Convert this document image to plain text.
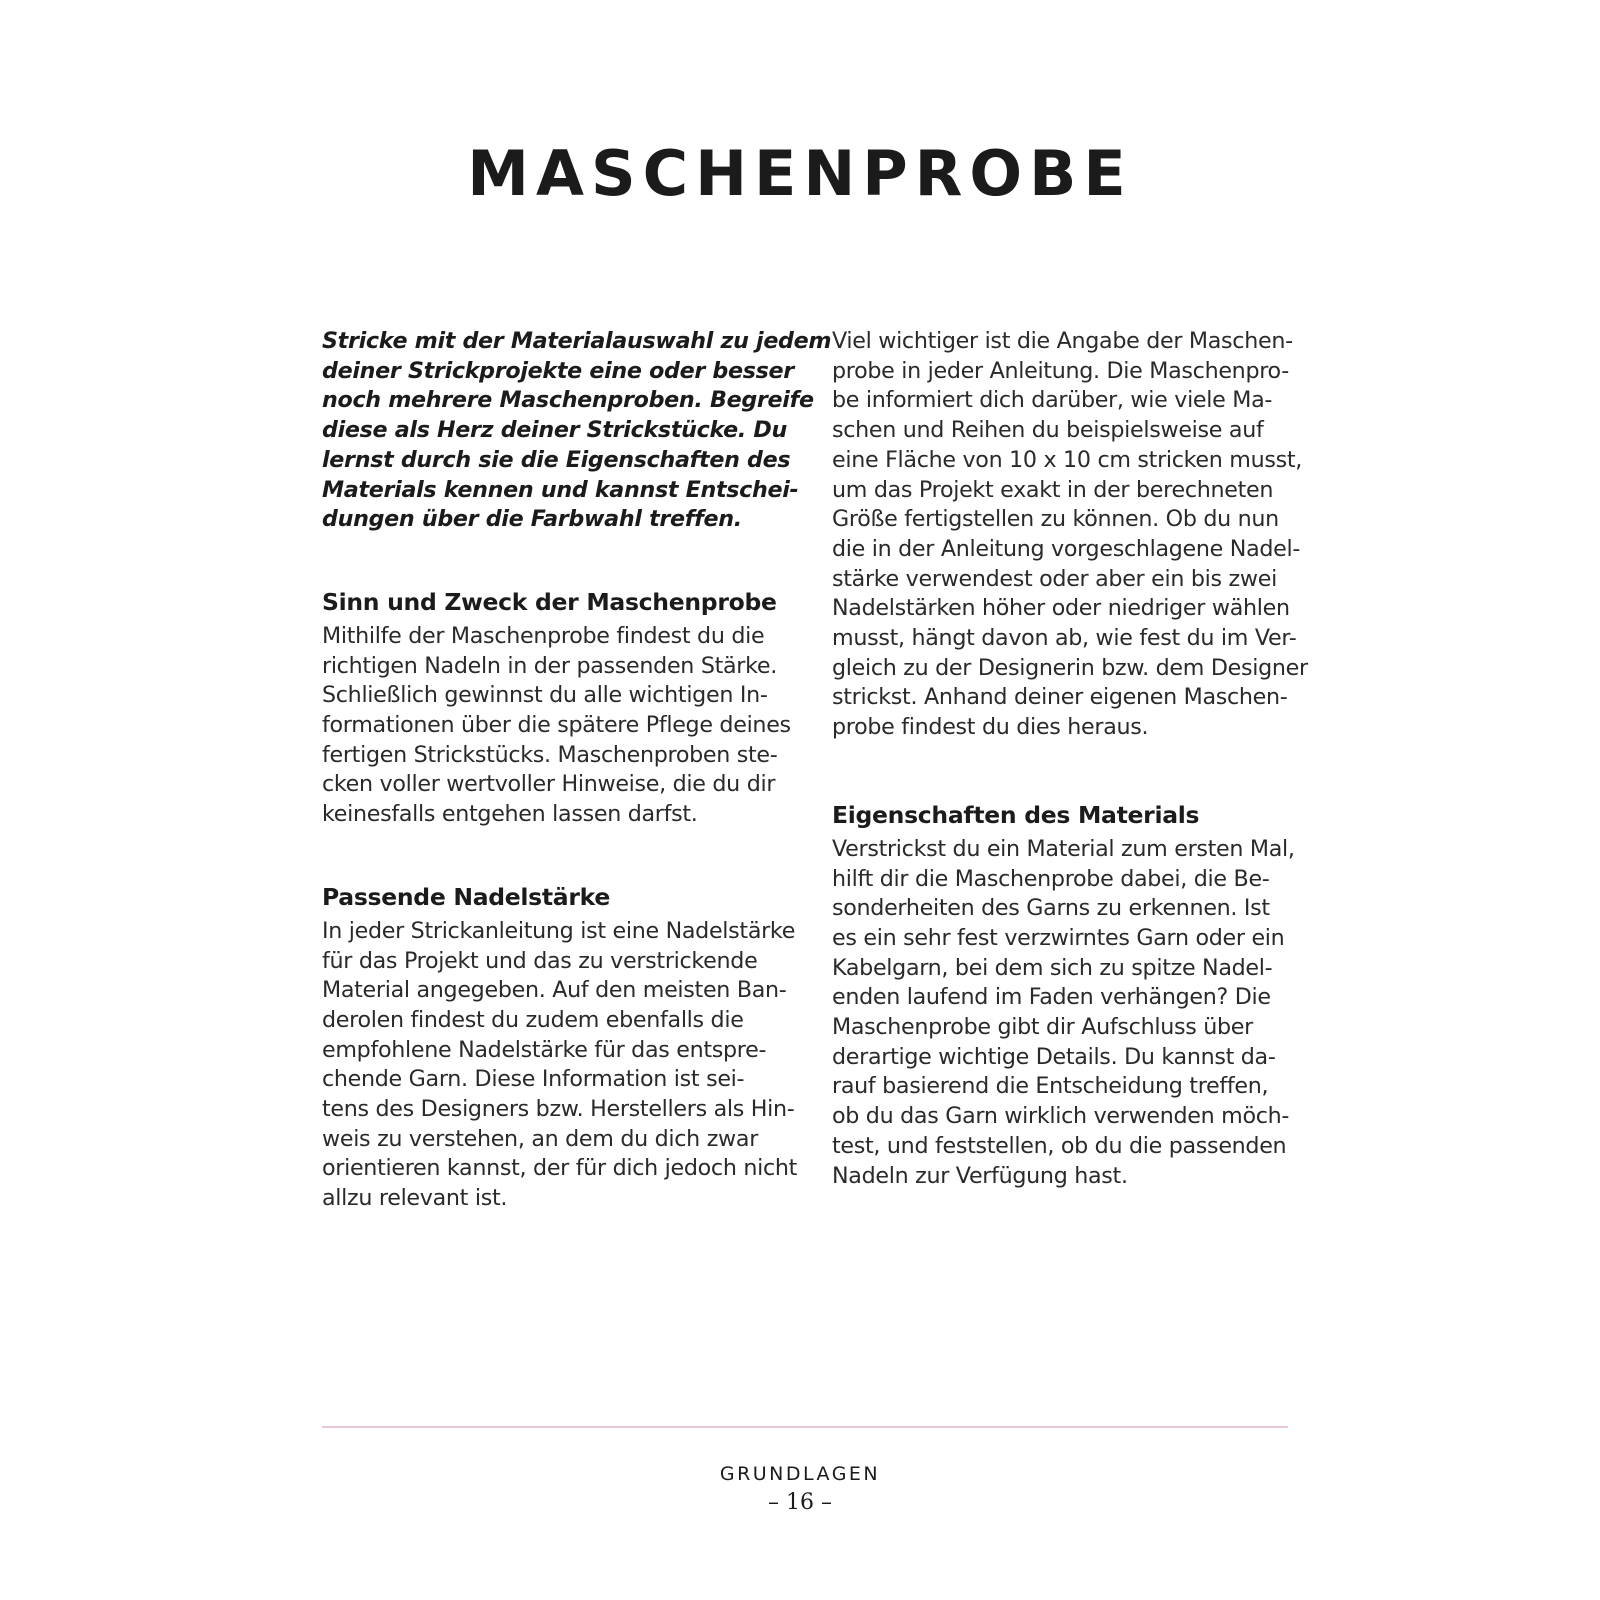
MASCHENPROBE

Stricke mit der Materialauswahl zu jedem
deiner Strickprojekte eine oder besser
noch mehrere Maschenproben. Begreife
diese als Herz deiner Strickstücke. Du
lernst durch sie die Eigenschaften des
Materials kennen und kannst Entschei-
dungen über die Farbwahl treffen.

Sinn und Zweck der Maschenprobe

Mithilfe der Maschenprobe findest du die
richtigen Nadeln in der passenden Stärke.
Schließlich gewinnst du alle wichtigen In-
formationen über die spätere Pflege deines
fertigen Strickstücks. Maschenproben ste-
cken voller wertvoller Hinweise, die du dir
keinesfalls entgehen lassen darfst.

Passende Nadelstärke

In jeder Strickanleitung ist eine Nadelstärke
für das Projekt und das zu verstrickende
Material angegeben. Auf den meisten Ban-
derolen findest du zudem ebenfalls die
empfohlene Nadelstärke für das entspre-
chende Garn. Diese Information ist sei-
tens des Designers bzw. Herstellers als Hin-
weis zu verstehen, an dem du dich zwar
orientieren kannst, der für dich jedoch nicht
allzu relevant ist.

Viel wichtiger ist die Angabe der Maschen-
probe in jeder Anleitung. Die Maschenpro-
be informiert dich darüber, wie viele Ma-
schen und Reihen du beispielsweise auf
eine Fläche von 10 x 10 cm stricken musst,
um das Projekt exakt in der berechneten
Größe fertigstellen zu können. Ob du nun
die in der Anleitung vorgeschlagene Nadel-
stärke verwendest oder aber ein bis zwei
Nadelstärken höher oder niedriger wählen
musst, hängt davon ab, wie fest du im Ver-
gleich zu der Designerin bzw. dem Designer
strickst. Anhand deiner eigenen Maschen-
probe findest du dies heraus.

Eigenschaften des Materials

Verstrickst du ein Material zum ersten Mal,
hilft dir die Maschenprobe dabei, die Be-
sonderheiten des Garns zu erkennen. Ist
es ein sehr fest verzwirntes Garn oder ein
Kabelgarn, bei dem sich zu spitze Nadel-
enden laufend im Faden verhängen? Die
Maschenprobe gibt dir Aufschluss über
derartige wichtige Details. Du kannst da-
rauf basierend die Entscheidung treffen,
ob du das Garn wirklich verwenden möch-
test, und feststellen, ob du die passenden
Nadeln zur Verfügung hast.

GRUNDLAGEN
– 16 –
